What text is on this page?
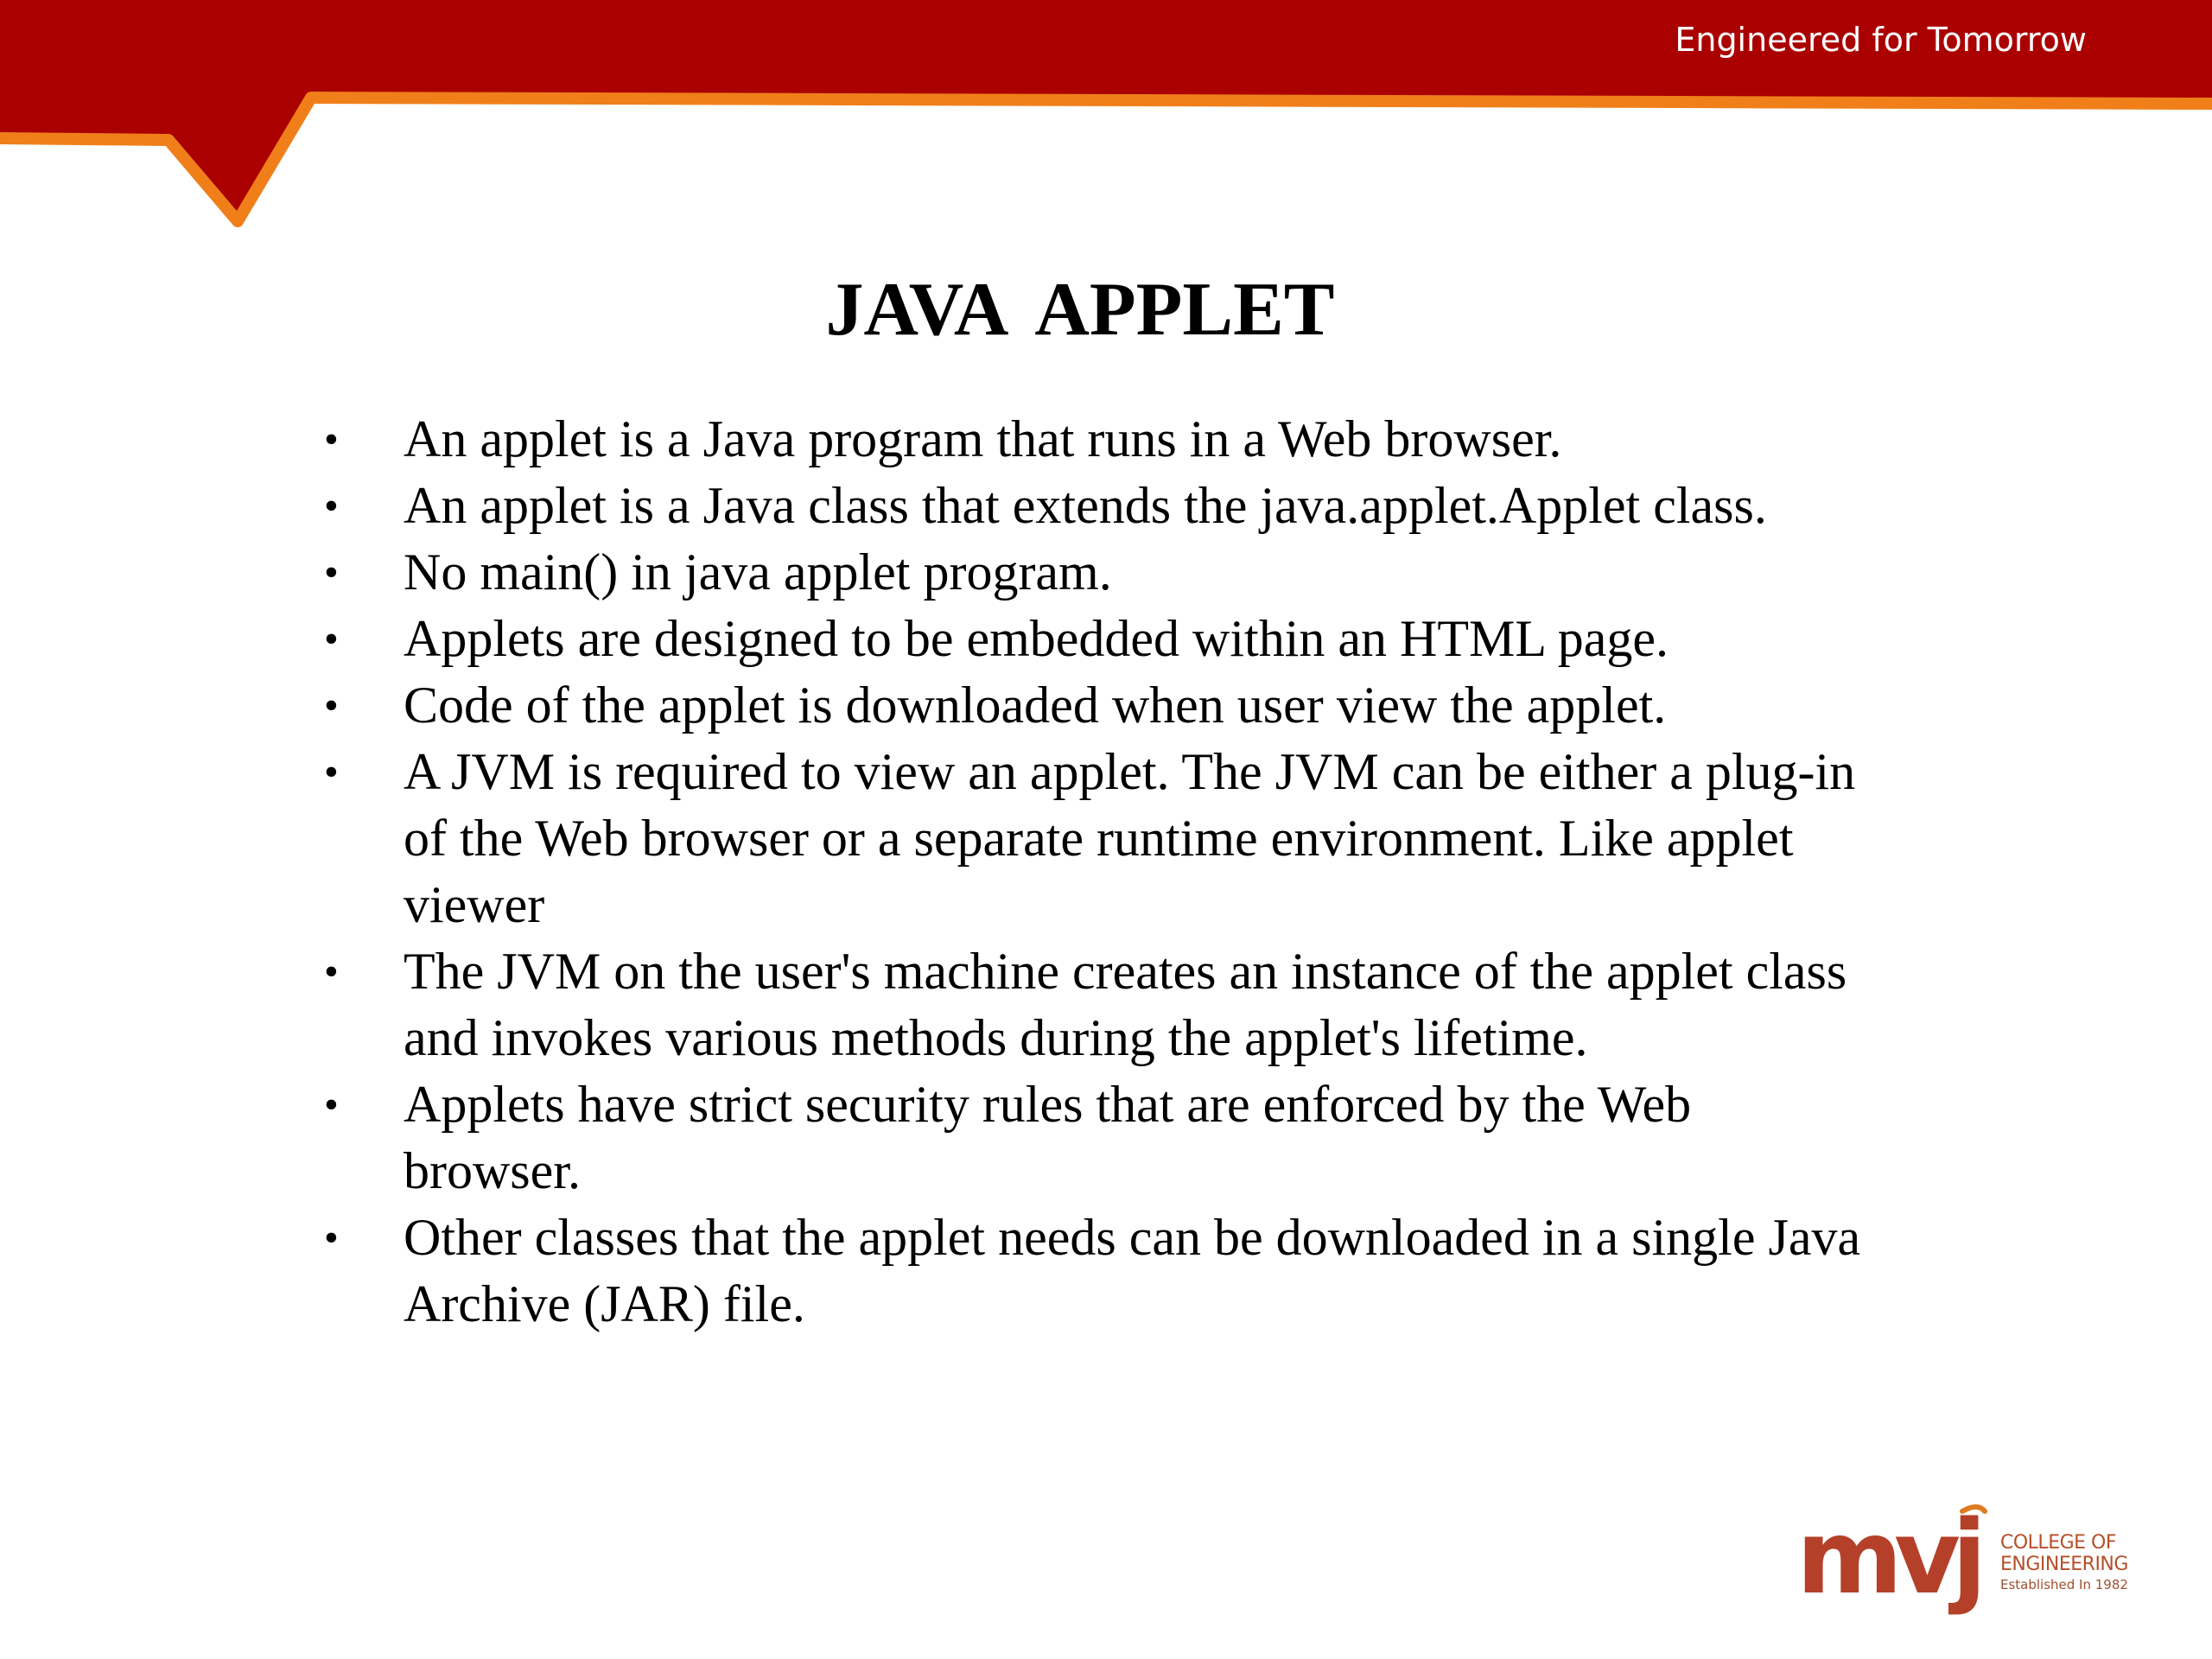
Engineered for Tomorrow
JAVA APPLET
•	An applet is a Java program that runs in a Web browser.
•	An applet is a Java class that extends the java.applet.Applet class.
•	No main() in java applet program.
•	Applets are designed to be embedded within an HTML page.
•	Code of the applet is downloaded when user view the applet.
•	A JVM is required to view an applet. The JVM can be either a plug-in of the Web browser or a separate runtime environment. Like applet viewer
•	The JVM on the user's machine creates an instance of the applet class and invokes various methods during the applet's lifetime.
•	Applets have strict security rules that are enforced by the Web browser.
•	Other classes that the applet needs can be downloaded in a single Java Archive (JAR) file.
mvj COLLEGE OF
ENGINEERING
Established In 1982
